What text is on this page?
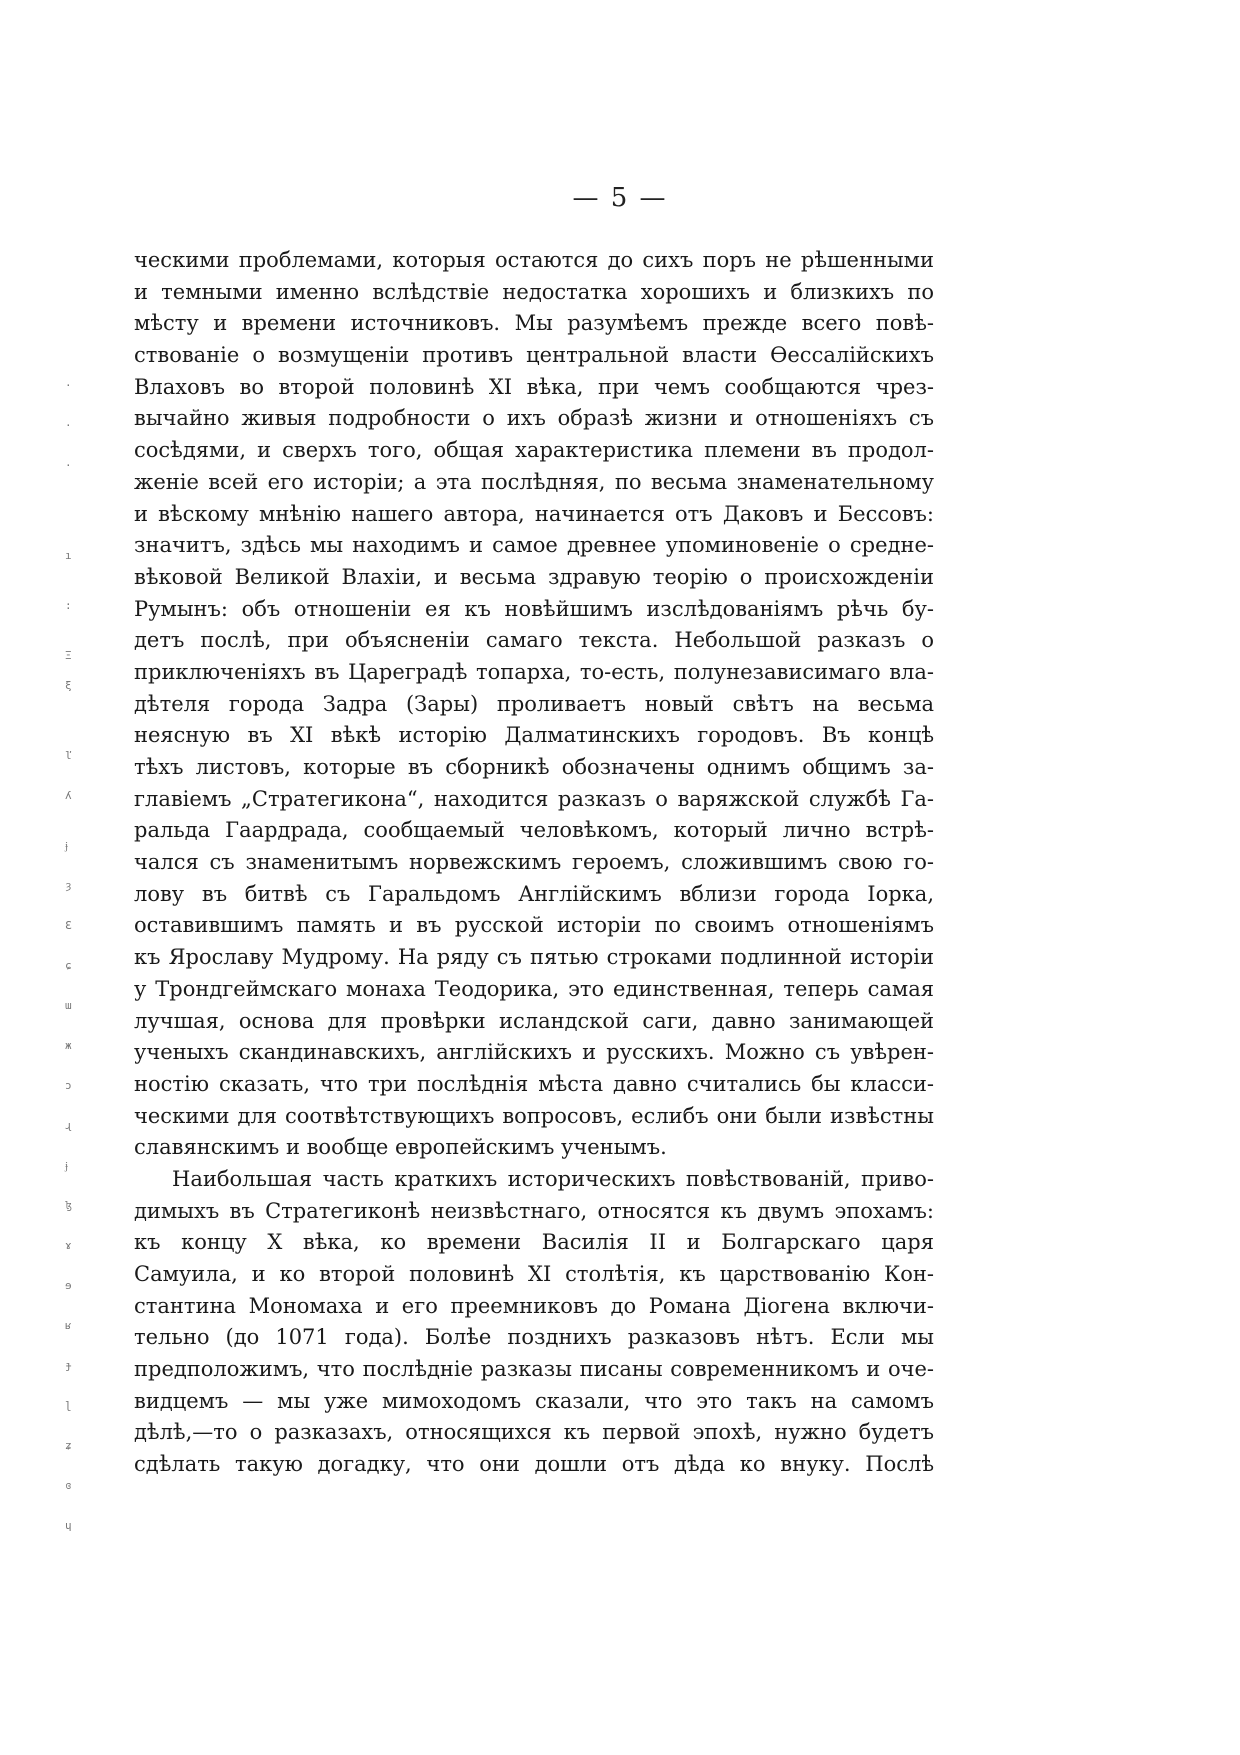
— 5 —
ческими проблемами, которыя остаются до сихъ поръ не рѣшенными
и темными именно вслѣдствіе недостатка хорошихъ и близкихъ по
мѣсту и времени источниковъ. Мы разумѣемъ прежде всего повѣ-
ствованіе о возмущеніи противъ центральной власти Ѳессалійскихъ
Влаховъ во второй половинѣ XI вѣка, при чемъ сообщаются чрез-
вычайно живыя подробности о ихъ образѣ жизни и отношеніяхъ съ
сосѣдями, и сверхъ того, общая характеристика племени въ продол-
женіе всей его исторіи; а эта послѣдняя, по весьма знаменательному
и вѣскому мнѣнію нашего автора, начинается отъ Даковъ и Бессовъ:
значитъ, здѣсь мы находимъ и самое древнее упоминовеніе о средне-
вѣковой Великой Влахіи, и весьма здравую теорію о происхожденіи
Румынъ: объ отношеніи ея къ новѣйшимъ изслѣдованіямъ рѣчь бу-
детъ послѣ, при объясненіи самаго текста. Небольшой разказъ о
приключеніяхъ въ Цареградѣ топарха, то-есть, полунезависимаго вла-
дѣтеля города Задра (Зары) проливаетъ новый свѣтъ на весьма
неясную въ XI вѣкѣ исторію Далматинскихъ городовъ. Въ концѣ
тѣхъ листовъ, которые въ сборникѣ обозначены однимъ общимъ за-
главіемъ „Стратегикона“, находится разказъ о варяжской службѣ Га-
ральда Гаардрада, сообщаемый человѣкомъ, который лично встрѣ-
чался съ знаменитымъ норвежскимъ героемъ, сложившимъ свою го-
лову въ битвѣ съ Гаральдомъ Англійскимъ вблизи города Іорка,
оставившимъ память и въ русской исторіи по своимъ отношеніямъ
къ Ярославу Мудрому. На ряду съ пятью строками подлинной исторіи
у Трондгеймскаго монаха Теодорика, это единственная, теперь самая
лучшая, основа для провѣрки исландской саги, давно занимающей
ученыхъ скандинавскихъ, англійскихъ и русскихъ. Можно съ увѣрен-
ностію сказать, что три послѣднія мѣста давно считались бы класси-
ческими для соотвѣтствующихъ вопросовъ, еслибъ они были извѣстны
славянскимъ и вообще европейскимъ ученымъ.
Наибольшая часть краткихъ историческихъ повѣствованій, приво-
димыхъ въ Стратегиконѣ неизвѣстнаго, относятся къ двумъ эпохамъ:
къ концу X вѣка, ко времени Василія II и Болгарскаго царя
Самуила, и ко второй половинѣ XI столѣтія, къ царствованію Кон-
стантина Мономаха и его преемниковъ до Романа Діогена включи-
тельно (до 1071 года). Болѣе позднихъ разказовъ нѣтъ. Если мы
предположимъ, что послѣдніе разказы писаны современникомъ и оче-
видцемъ — мы уже мимоходомъ сказали, что это такъ на самомъ
дѣлѣ,—то о разказахъ, относящихся къ первой эпохѣ, нужно будетъ
сдѣлать такую догадку, что они дошли отъ дѣда ко внуку. Послѣ
·
·
·
ı
:
Ξ
ξ
ľ
ʎ
ɉ
ȝ
ℇ
ɕ
ɯ
ж
ɔ
ɻ
ɉ
ɮ
ɤ
ɘ
ʁ
ɟ
ɭ
ʑ
ɞ
ɥ
